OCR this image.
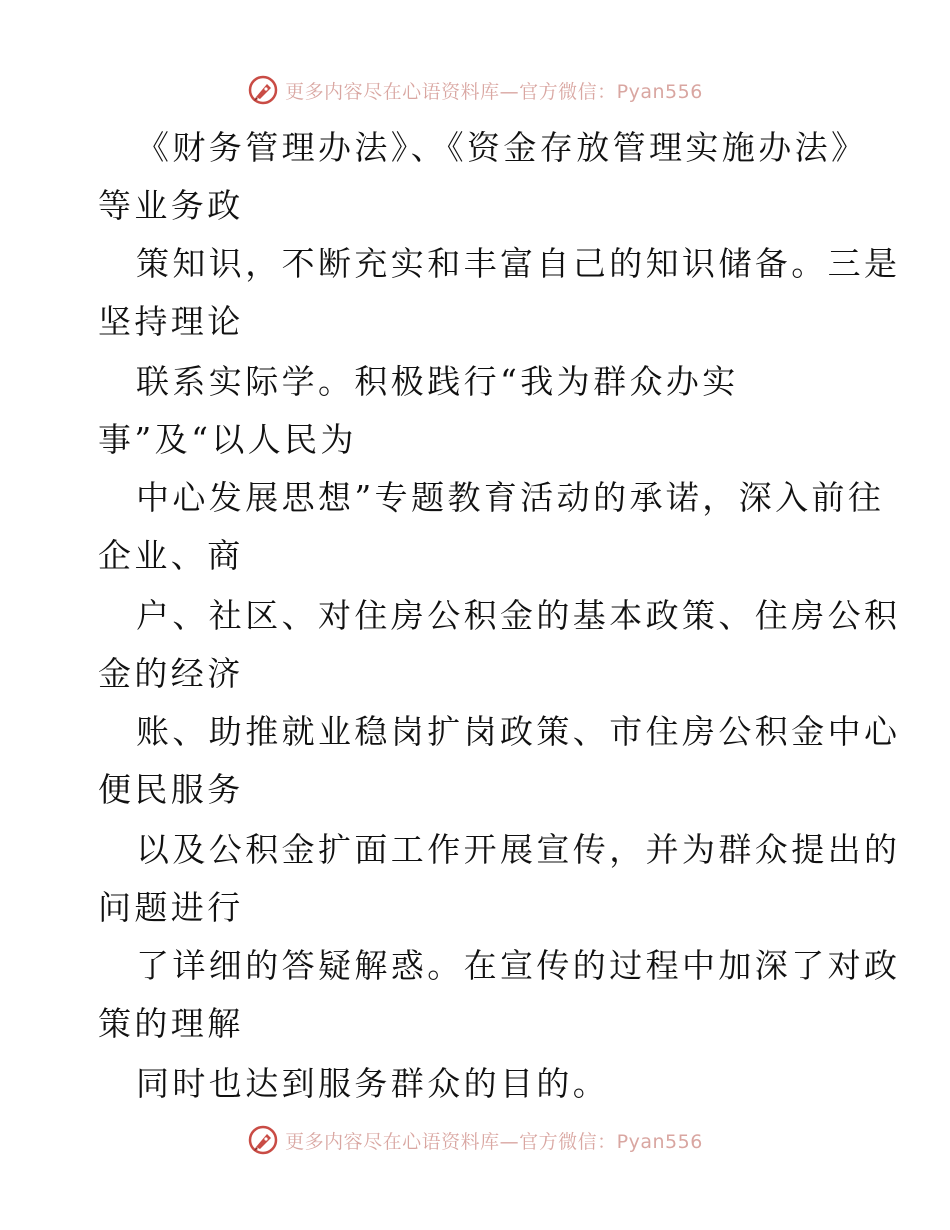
更多内容尽在心语资料库—官方微信：Pyan556
《财务管理办法》、《资金存放管理实施办法》
等业务政
策知识，不断充实和丰富自己的知识储备。三是
坚持理论
联系实际学。积极践行“我为群众办实
事”及“以人民为
中心发展思想”专题教育活动的承诺，深入前往
企业、商
户、社区、对住房公积金的基本政策、住房公积
金的经济
账、助推就业稳岗扩岗政策、市住房公积金中心
便民服务
以及公积金扩面工作开展宣传，并为群众提出的
问题进行
了详细的答疑解惑。在宣传的过程中加深了对政
策的理解
同时也达到服务群众的目的。
更多内容尽在心语资料库—官方微信：Pyan556
